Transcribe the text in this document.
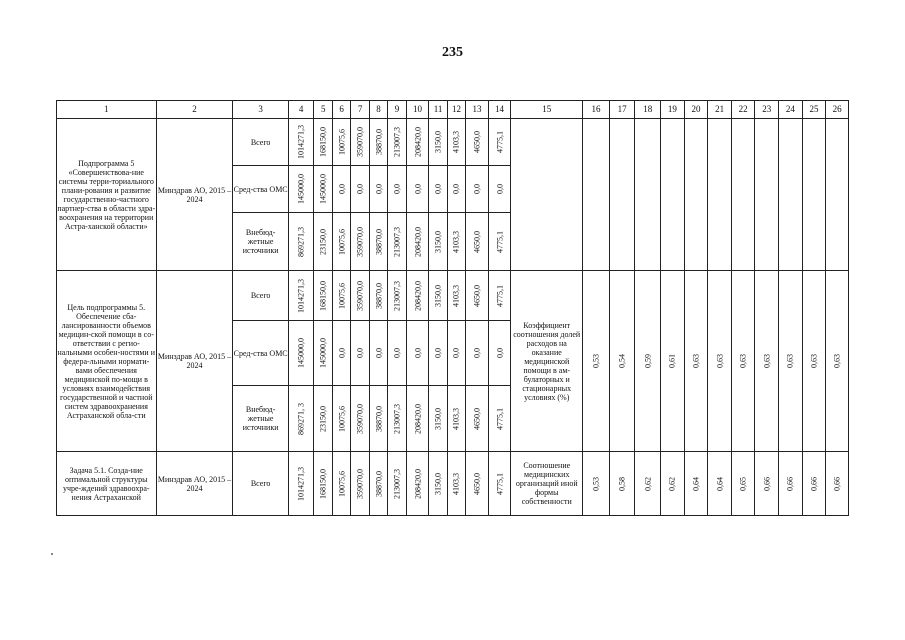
235
1	2	3	4	5	6	7	8	9	10	11	12	13	14	15	16	17	18	19	20	21	22	23	24	25	26
Подпрограмма 5 «Совершенствова-ние системы терри-ториального плани-рования и развитие государственно-частного партнер-ства в области здра-воохранения на территории Астра-ханской области»	Минздрав АО, 2015 – 2024	Всего	1014271,3	168150,0	10075,6	359070,0	38870,0	213007,3	208420,0	3150,0	4103,3	4650,0	4775,1												

		Сред-ства ОМС	145000,0	145000,0	0,0	0,0	0,0	0,0	0,0	0,0	0,0	0,0	0,0												

		Внебюд-жетные источники	869271,3	23150,0	10075,6	359070,0	38870,0	213007,3	208420,0	3150,0	4103,3	4650,0	4775,1												

Цель подпрограммы 5. Обеспечение сба-лансированности объемов медицин-ской помощи в со-ответствии с регио-нальными особен-ностями и федера-льными нормати-вами обеспечения медицинской по-мощи в условиях взаимодействия государственной и частной систем здравоохранения Астраханской обла-сти	Минздрав АО, 2015 – 2024	Всего	1014271,3	168150,0	10075,6	359070,0	38870,0	213007,3	208420,0	3150,0	4103,3	4650,0	4775,1	Коэффициент соотношения долей расходов на оказание медицинской помощи в ам-булаторных и стационарных условиях (%)	0,53	0,54	0,59	0,61	0,63	0,63	0,63	0,63	0,63	0,63	0,63

		Сред-ства ОМС	145000,0	145000,0	0,0	0,0	0,0	0,0	0,0	0,0	0,0	0,0	0,0												

		Внебюд-жетные источники	869271, 3	23150,0	10075,6	359070,0	38870,0	213007,3	208420,0	3150,0	4103,3	4650,0	4775,1												

Задача 5.1. Созда-ние оптимальной структуры учре-ждений здравоохра-нения Астраханской	Минздрав АО, 2015 – 2024	Всего	1014271,3	168150,0	10075,6	359070,0	38870,0	213007,3	208420,0	3150,0	4103,3	4650,0	4775,1	Соотношение медицинских организаций иной формы собственности	0,53	0,58	0,62	0,62	0,64	0,64	0,65	0,66	0,66	0,66	0,66
